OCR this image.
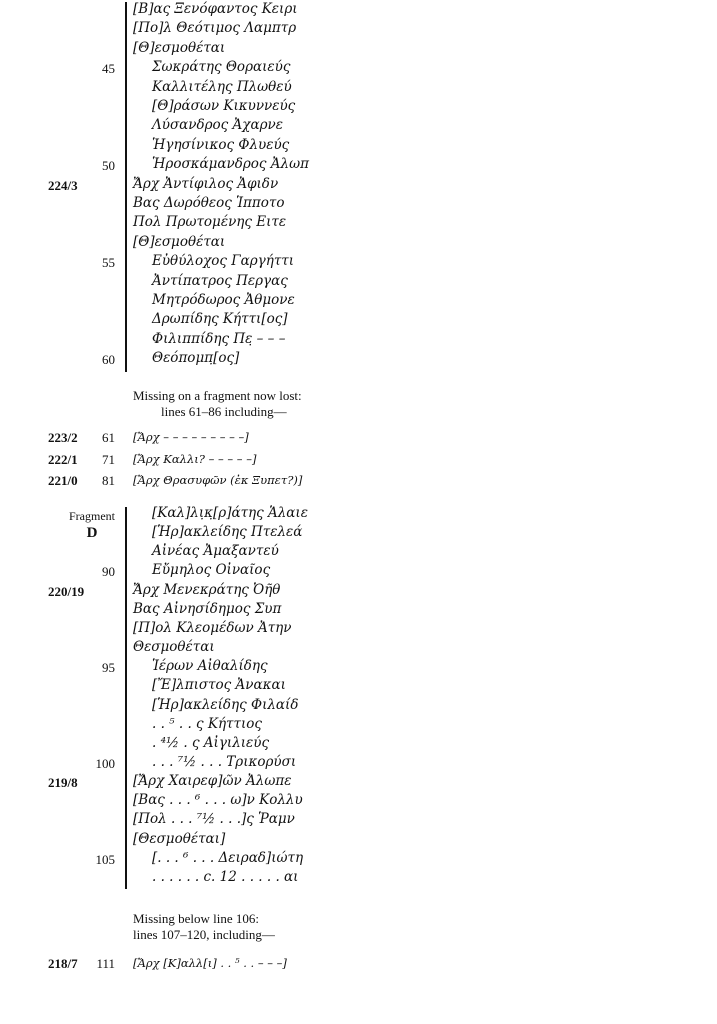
[Β]ας Ξενόφαντος Κειρι
[Πο]λ Θεότιμος Λαμπτρ
[Θ]εσμοθέται
45	Σωκράτης Θοραιεύς
Καλλιτέλης Πλωθεύ
[Θ]ράσων Κικυννεύς
Λύσανδρος Ἀχαρνε
Ἡγησίνικος Φλυεύς
50	Ἡροσκάμανδρος Ἀλωπ
224/3	Ἄρχ Ἀντίφιλος Ἀφιδν
Βας Δωρόθεος Ἱπποτο
Πολ Πρωτομένης Ειτε
[Θ]εσμοθέται
55	Εὐθύλοχος Γαργήττι
Ἀντίπατρος Περγας
Μητρόδωρος Ἀθμονε
Δρωπίδης Κήττι[ος]
Φιλιππίδης Πε̣ – – –
60	Θεόπομπ̣[ος]
Missing on a fragment now lost:
lines 61–86 including—
223/2	61 [Ἄρχ – – – – – – – – –]
222/1	71 [Ἄρχ Καλλι? – – – – –]
221/0	81 [Ἄρχ Θρασυφῶν (ἐκ Ξυπετ?)]
Fragment
D
[Καλ]λι̣κ̣[ρ]άτης Ἁλαιε
[Ἡρ]ακλείδης Πτελεά
Αἰνέας Ἀμαξαντεύ
90	Εὔμηλος Οἰναῖος
220/19	Ἄρχ Μενεκράτης Ὀῆθ
Βας Αἰνησίδημος Συπ
[Π]ολ Κλεομέδων Ἀτην
Θεσμοθέται
95	Ἱέρων Αἰθαλίδης
[Ἔ]λπιστος Ἀνακαι
[Ἡρ]ακλείδης Φιλαίδ
. . ⁵ . . ς Κήττιος
. ⁴½ . ς Αἰγιλιεύς
100	. . . ⁷½ . . . Τρικορύσι
219/8	[Ἄρχ Χαιρεφ]ῶν Ἀλωπε
[Βας . . . ⁶ . . . ω]ν Κολλυ
[Πολ . . . ⁷½ . . .]ς Ῥαμν
[Θεσμοθέται]
105	[. . . ⁶ . . . Δειραδ]ιώτη
. . . . . . c. 12 . . . . . αι
Missing below line 106:
lines 107–120, including—
218/7	111 [Ἄρχ [Κ]αλλ[ι] . . ⁵ . . – – –]
